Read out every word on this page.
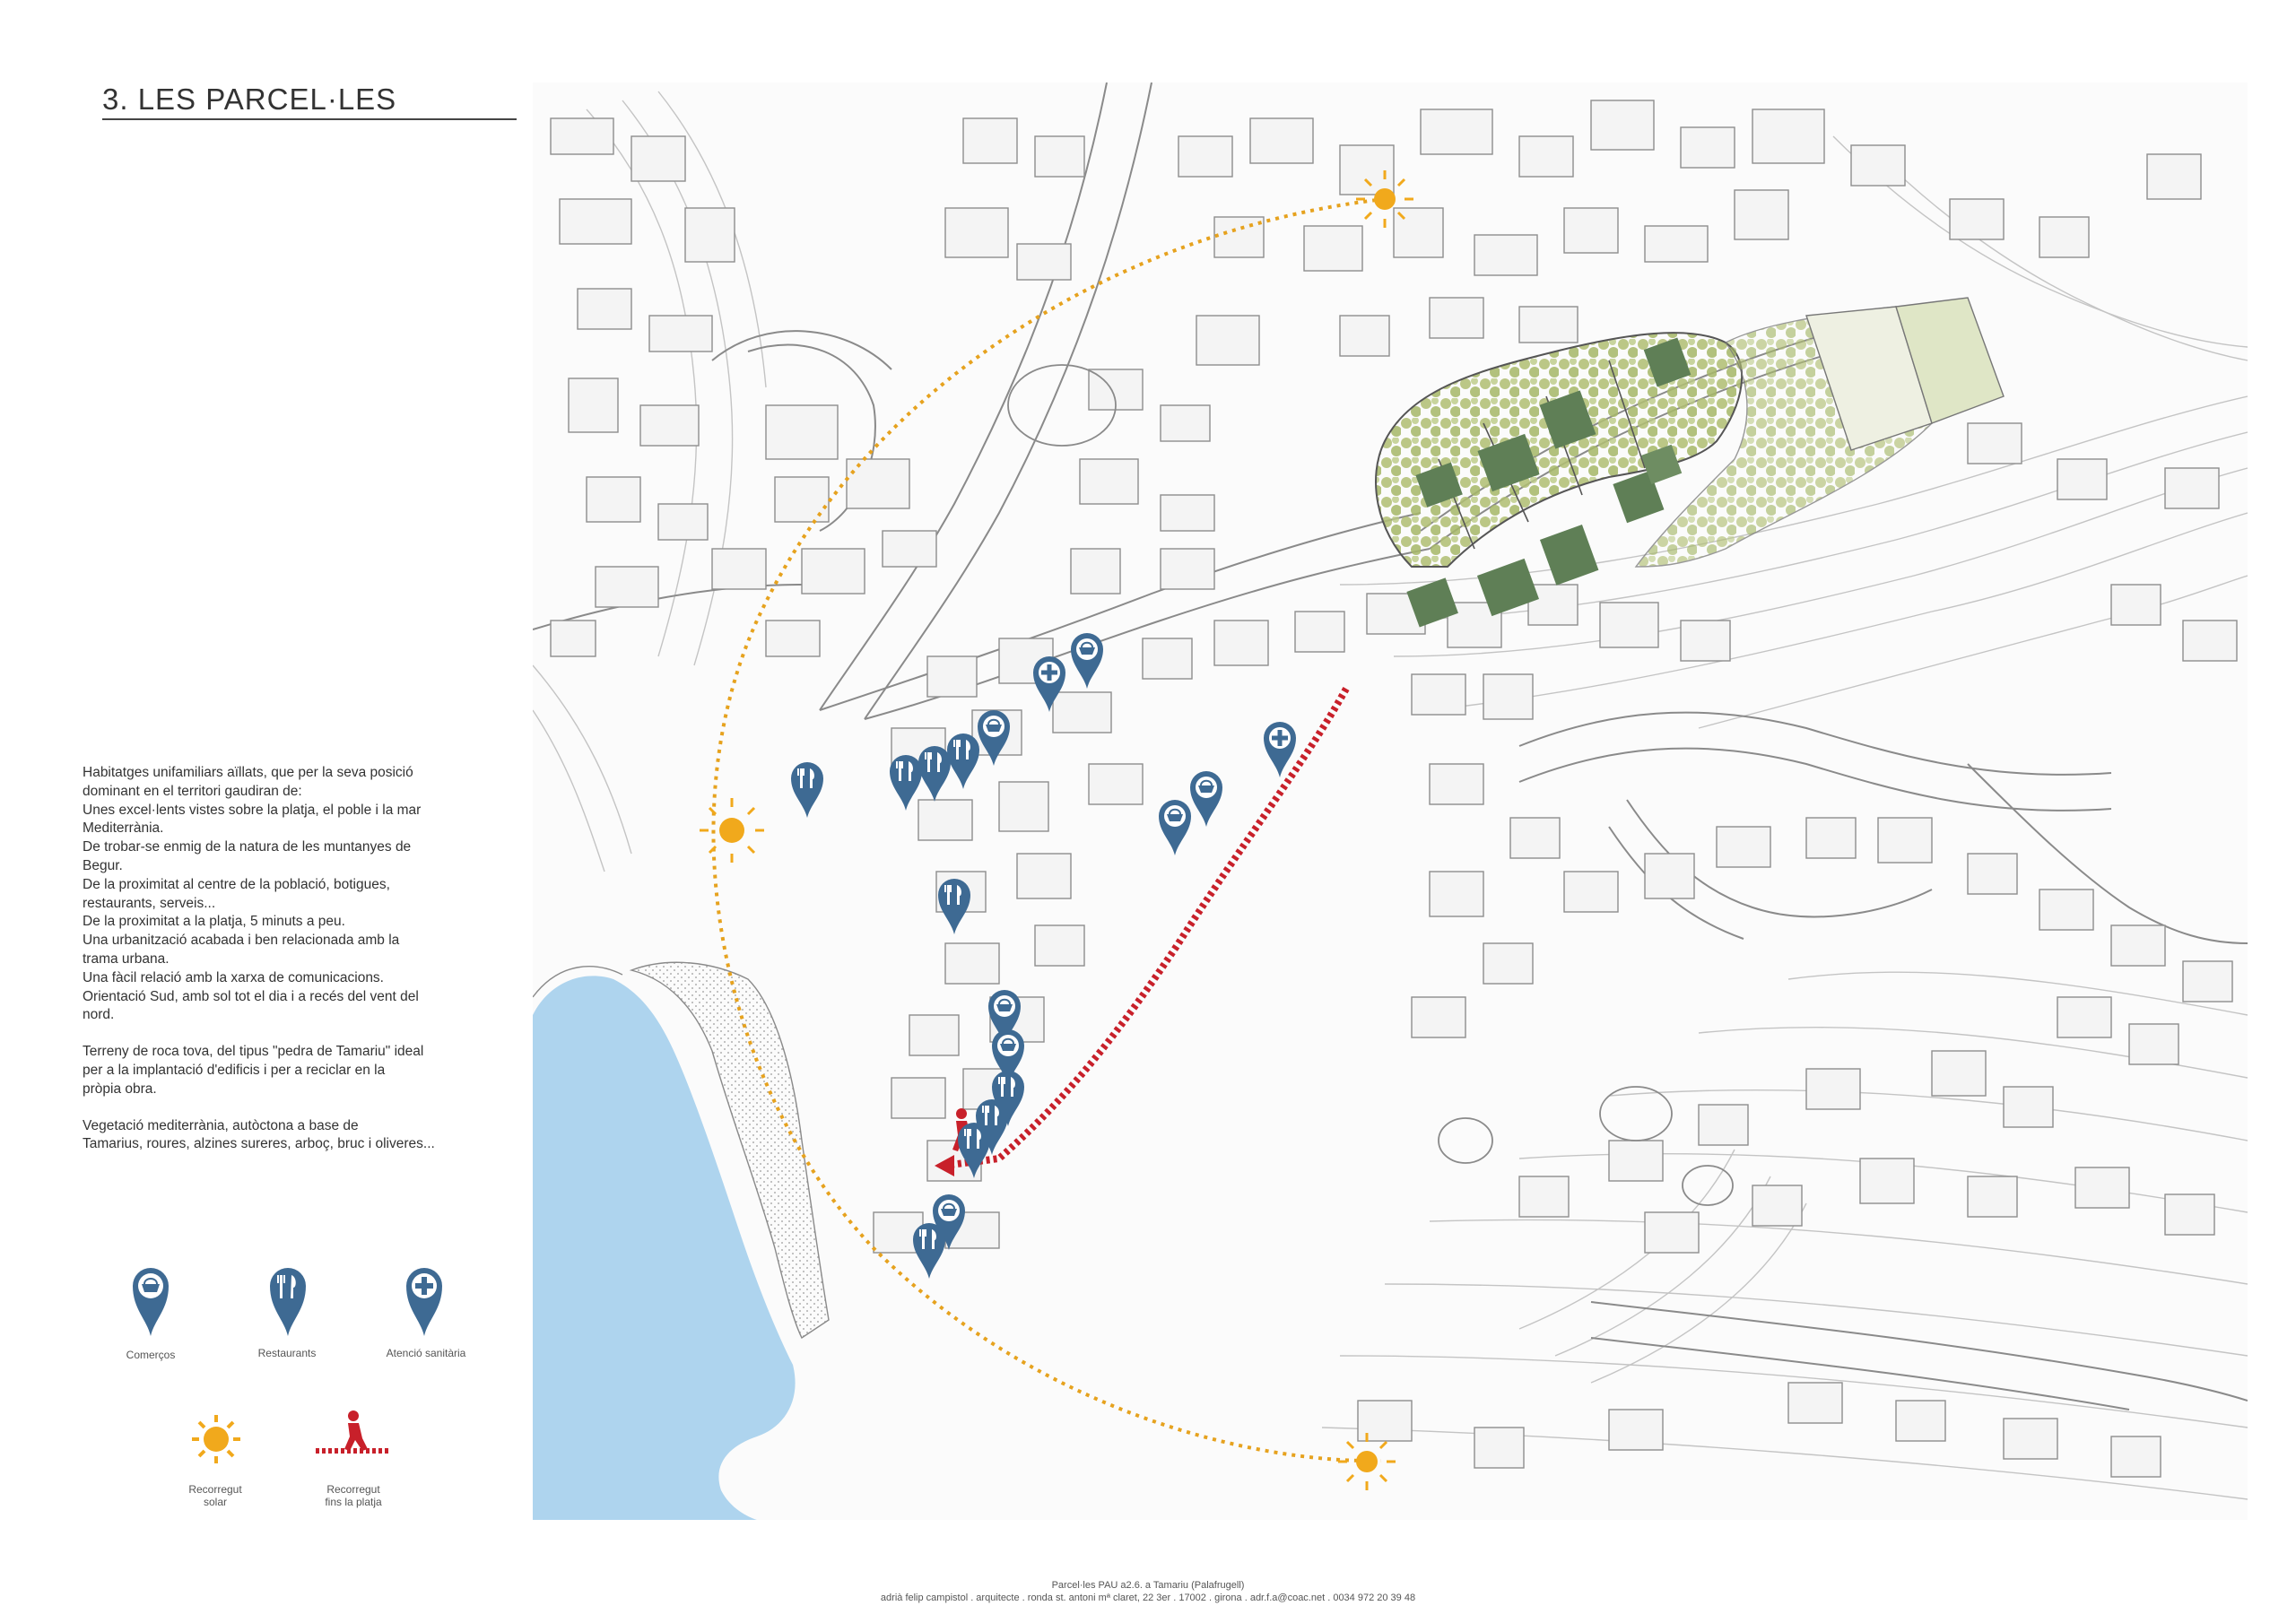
3. LES PARCEL·LES

Habitatges unifamiliars aïllats, que per la seva posició

dominant en el territori gaudiran de:

Unes excel·lents vistes sobre la platja, el poble i la mar

Mediterrània.

De trobar-se enmig de la natura de les muntanyes de

Begur.

De la proximitat al centre de la població, botigues,

restaurants, serveis...

De la proximitat a la platja, 5 minuts a peu.

Una urbanització acabada i ben relacionada amb la

trama urbana.

Una fàcil relació amb la xarxa de comunicacions.

Orientació Sud, amb sol tot el dia i a recés del vent del

nord.

Terreny de roca tova, del tipus "pedra de Tamariu" ideal

per a la implantació d'edificis i per a reciclar en la

pròpia obra.

Vegetació mediterrània, autòctona a base de

Tamarius, roures, alzines sureres, arboç, bruc i oliveres...

Comerços	Restaurants	Atenció sanitària
Recorregut
solar
Recorregut
fins la platja
Parcel·les PAU a2.6. a Tamariu (Palafrugell)
adrià felip campistol . arquitecte . ronda st. antoni mª claret, 22 3er . 17002 . girona . adr.f.a@coac.net . 0034 972 20 39 48
